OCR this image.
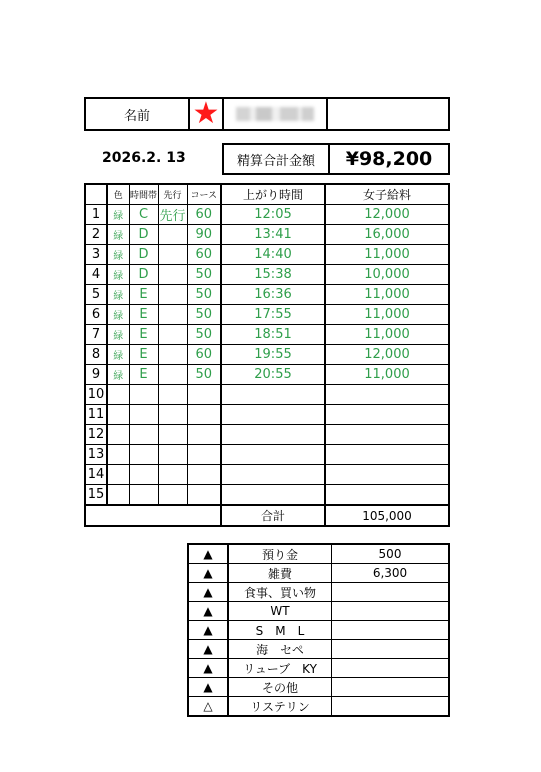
名前	★		
2026.2. 13	精算合計金額	¥98,200
	色	時間帯	先行	コース	上がり時間	女子給料
1	緑	C	先行	60	12:05	12,000
2	緑	D		90	13:41	16,000
3	緑	D		60	14:40	11,000
4	緑	D		50	15:38	10,000
5	緑	E		50	16:36	11,000
6	緑	E		50	17:55	11,000
7	緑	E		50	18:51	11,000
8	緑	E		60	19:55	12,000
9	緑	E		50	20:55	11,000
10						
11						
12						
13						
14						
15						
					合計	105,000
▲	預り金	500
▲	雑費	6,300
▲	食事、買い物	
▲	WT	
▲	S　M　L	
▲	海　セペ	
▲	リューブ　KY	
▲	その他	
△	リステリン	
